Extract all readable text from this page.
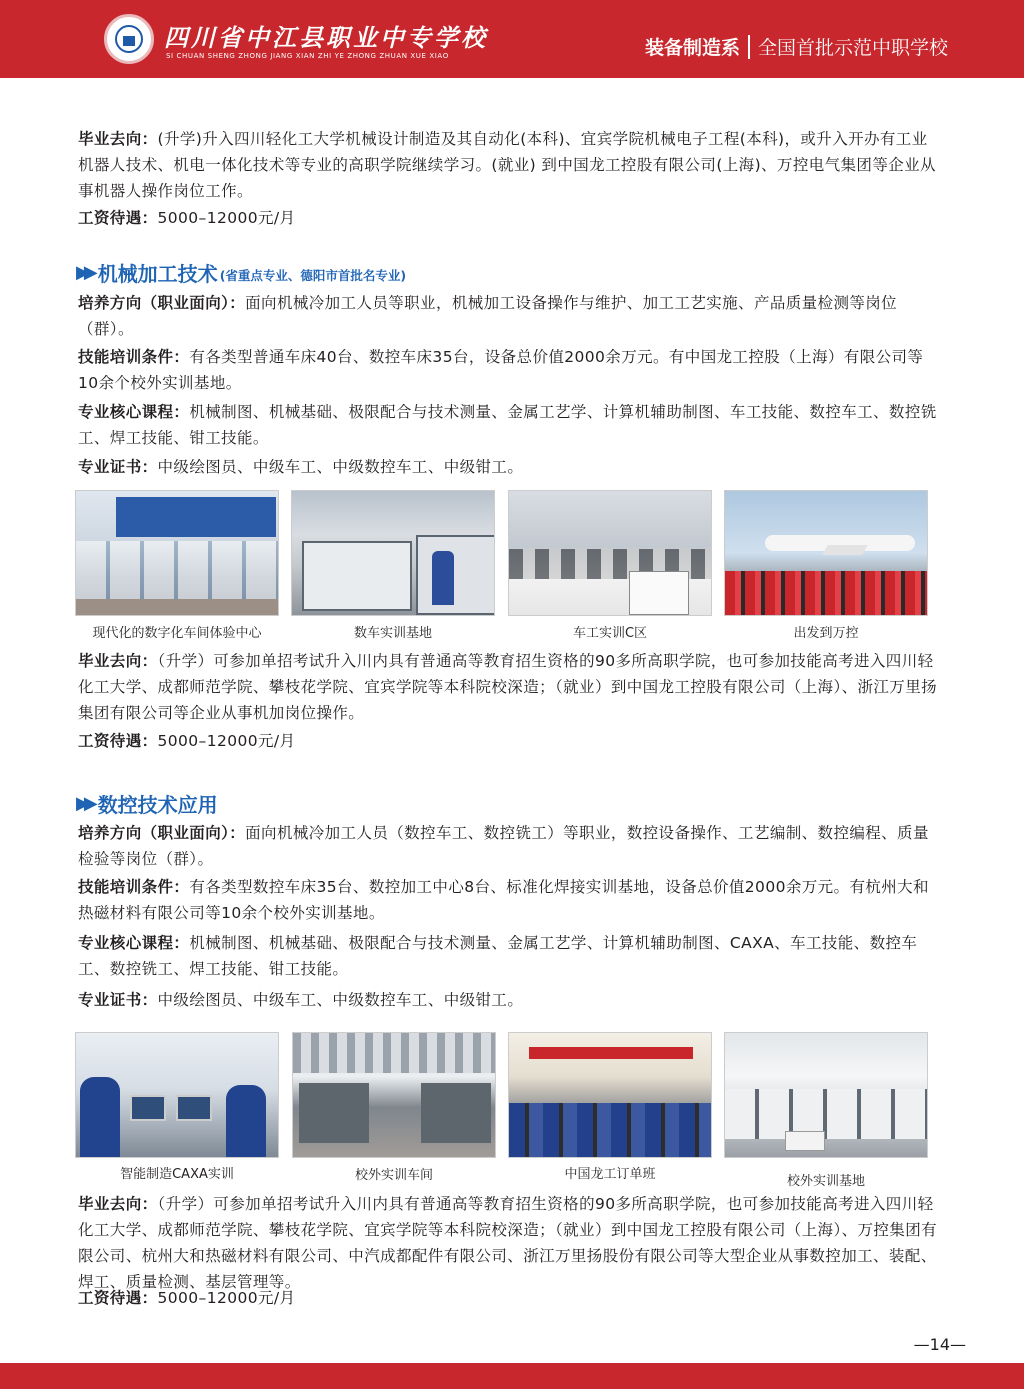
四川省中江县职业中专学校
SI CHUAN SHENG ZHONG JIANG XIAN ZHI YE ZHONG ZHUAN XUE XIAO	装备制造系 全国首批示范中职学校
毕业去向：(升学)升入四川轻化工大学机械设计制造及其自动化(本科)、宜宾学院机械电子工程(本科)，或升入开办有工业机器人技术、机电一体化技术等专业的高职学院继续学习。(就业) 到中国龙工控股有限公司(上海)、万控电气集团等企业从事机器人操作岗位工作。
工资待遇：5000–12000元/月
▶▶ 机械加工技术 (省重点专业、德阳市首批名专业)
培养方向（职业面向）：面向机械冷加工人员等职业，机械加工设备操作与维护、加工工艺实施、产品质量检测等岗位（群）。
技能培训条件：有各类型普通车床40台、数控车床35台，设备总价值2000余万元。有中国龙工控股（上海）有限公司等10余个校外实训基地。
专业核心课程：机械制图、机械基础、极限配合与技术测量、金属工艺学、计算机辅助制图、车工技能、数控车工、数控铣工、焊工技能、钳工技能。
专业证书：中级绘图员、中级车工、中级数控车工、中级钳工。
现代化的数字化车间体验中心	数车实训基地	车工实训C区	出发到万控
毕业去向：（升学）可参加单招考试升入川内具有普通高等教育招生资格的90多所高职学院，也可参加技能高考进入四川轻化工大学、成都师范学院、攀枝花学院、宜宾学院等本科院校深造；（就业）到中国龙工控股有限公司（上海）、浙江万里扬集团有限公司等企业从事机加岗位操作。
工资待遇：5000–12000元/月
▶▶ 数控技术应用
培养方向（职业面向）：面向机械冷加工人员（数控车工、数控铣工）等职业，数控设备操作、工艺编制、数控编程、质量检验等岗位（群）。
技能培训条件：有各类型数控车床35台、数控加工中心8台、标准化焊接实训基地，设备总价值2000余万元。有杭州大和热磁材料有限公司等10余个校外实训基地。
专业核心课程：机械制图、机械基础、极限配合与技术测量、金属工艺学、计算机辅助制图、CAXA、车工技能、数控车工、数控铣工、焊工技能、钳工技能。
专业证书：中级绘图员、中级车工、中级数控车工、中级钳工。
智能制造CAXA实训	校外实训车间	中国龙工订单班	校外实训基地
毕业去向：（升学）可参加单招考试升入川内具有普通高等教育招生资格的90多所高职学院，也可参加技能高考进入四川轻化工大学、成都师范学院、攀枝花学院、宜宾学院等本科院校深造；（就业）到中国龙工控股有限公司（上海）、万控集团有限公司、杭州大和热磁材料有限公司、中汽成都配件有限公司、浙江万里扬股份有限公司等大型企业从事数控加工、装配、焊工、质量检测、基层管理等。
工资待遇：5000–12000元/月
—14—
